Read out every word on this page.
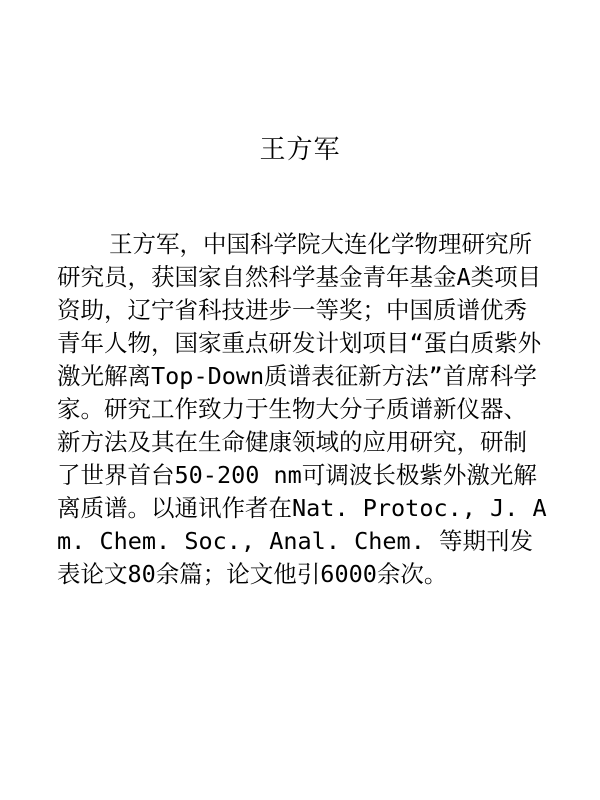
王方军

王方军，中国科学院大连化学物理研究所研究员，获国家自然科学基金青年基金A类项目资助，辽宁省科技进步一等奖；中国质谱优秀青年人物，国家重点研发计划项目“蛋白质紫外激光解离Top-Down质谱表征新方法”首席科学家。研究工作致力于生物大分子质谱新仪器、新方法及其在生命健康领域的应用研究，研制了世界首台50-200 nm可调波长极紫外激光解离质谱。以通讯作者在Nat. Protoc., J. Am. Chem. Soc., Anal. Chem. 等期刊发表论文80余篇；论文他引6000余次。
